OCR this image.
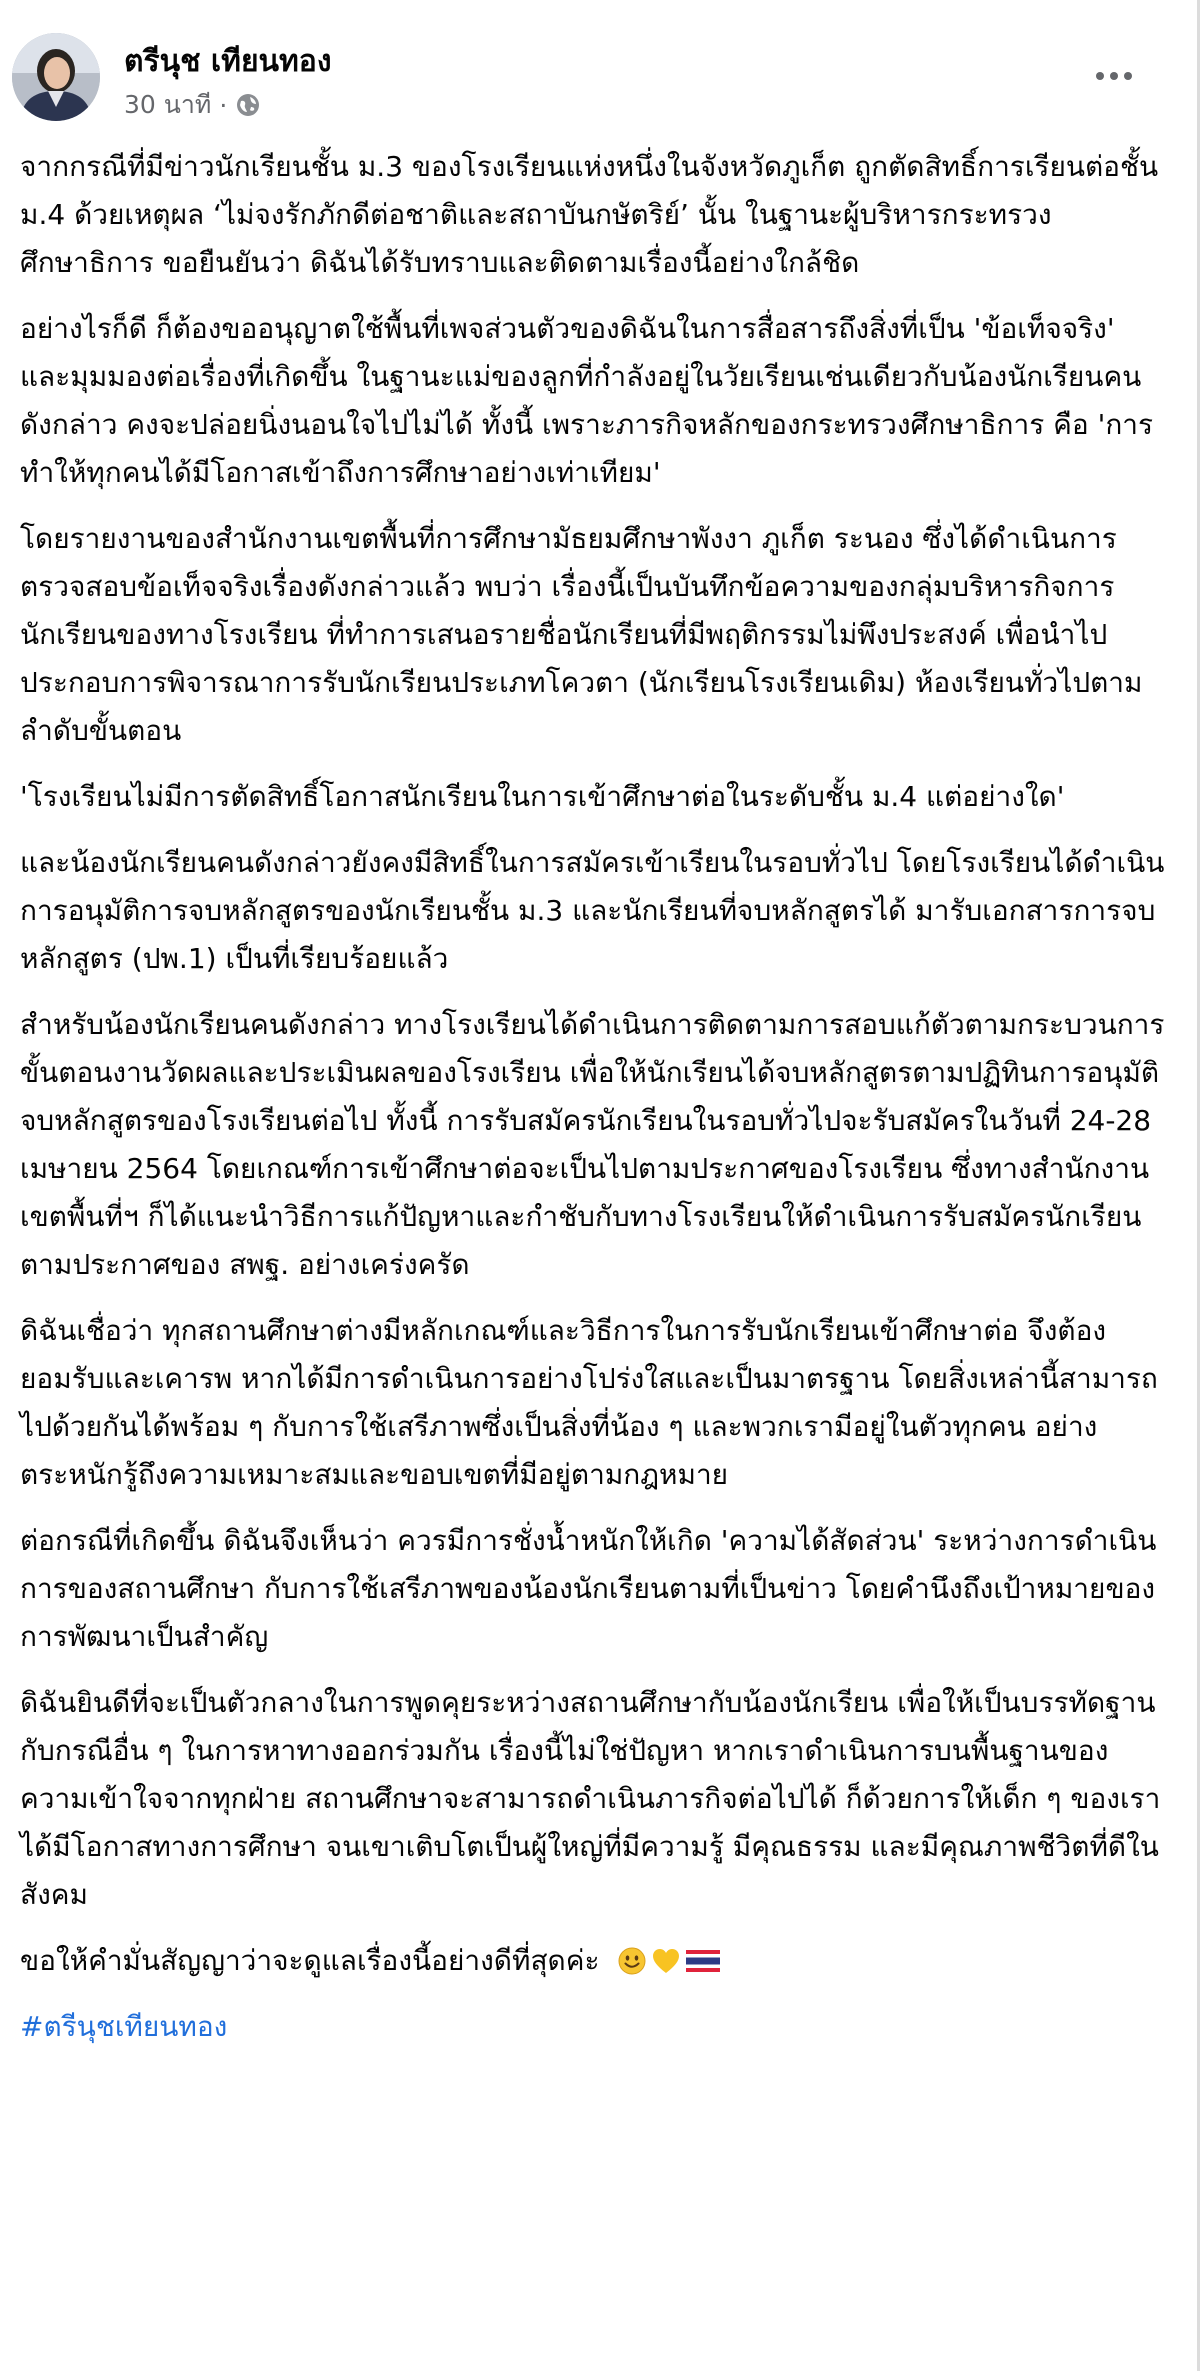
ตรีนุช เทียนทอง
30 นาที ·

จากกรณีที่มีข่าวนักเรียนชั้น ม.3 ของโรงเรียนแห่งหนึ่งในจังหวัดภูเก็ต ถูกตัดสิทธิ์การเรียนต่อชั้น ม.4 ด้วยเหตุผล ‘ไม่จงรักภักดีต่อชาติและสถาบันกษัตริย์’ นั้น ในฐานะผู้บริหารกระทรวงศึกษาธิการ ขอยืนยันว่า ดิฉันได้รับทราบและติดตามเรื่องนี้อย่างใกล้ชิด

อย่างไรก็ดี ก็ต้องขออนุญาตใช้พื้นที่เพจส่วนตัวของดิฉันในการสื่อสารถึงสิ่งที่เป็น 'ข้อเท็จจริง' และมุมมองต่อเรื่องที่เกิดขึ้น ในฐานะแม่ของลูกที่กำลังอยู่ในวัยเรียนเช่นเดียวกับน้องนักเรียนคนดังกล่าว คงจะปล่อยนิ่งนอนใจไปไม่ได้ ทั้งนี้ เพราะภารกิจหลักของกระทรวงศึกษาธิการ คือ 'การทำให้ทุกคนได้มีโอกาสเข้าถึงการศึกษาอย่างเท่าเทียม'

โดยรายงานของสำนักงานเขตพื้นที่การศึกษามัธยมศึกษาพังงา ภูเก็ต ระนอง ซึ่งได้ดำเนินการตรวจสอบข้อเท็จจริงเรื่องดังกล่าวแล้ว พบว่า เรื่องนี้เป็นบันทึกข้อความของกลุ่มบริหารกิจการนักเรียนของทางโรงเรียน ที่ทำการเสนอรายชื่อนักเรียนที่มีพฤติกรรมไม่พึงประสงค์ เพื่อนำไปประกอบการพิจารณาการรับนักเรียนประเภทโควตา (นักเรียนโรงเรียนเดิม) ห้องเรียนทั่วไปตามลำดับขั้นตอน

'โรงเรียนไม่มีการตัดสิทธิ์โอกาสนักเรียนในการเข้าศึกษาต่อในระดับชั้น ม.4 แต่อย่างใด'

และน้องนักเรียนคนดังกล่าวยังคงมีสิทธิ์ในการสมัครเข้าเรียนในรอบทั่วไป โดยโรงเรียนได้ดำเนินการอนุมัติการจบหลักสูตรของนักเรียนชั้น ม.3 และนักเรียนที่จบหลักสูตรได้ มารับเอกสารการจบหลักสูตร (ปพ.1) เป็นที่เรียบร้อยแล้ว

สำหรับน้องนักเรียนคนดังกล่าว ทางโรงเรียนได้ดำเนินการติดตามการสอบแก้ตัวตามกระบวนการขั้นตอนงานวัดผลและประเมินผลของโรงเรียน เพื่อให้นักเรียนได้จบหลักสูตรตามปฏิทินการอนุมัติจบหลักสูตรของโรงเรียนต่อไป ทั้งนี้ การรับสมัครนักเรียนในรอบทั่วไปจะรับสมัครในวันที่ 24-28 เมษายน 2564 โดยเกณฑ์การเข้าศึกษาต่อจะเป็นไปตามประกาศของโรงเรียน ซึ่งทางสำนักงานเขตพื้นที่ฯ ก็ได้แนะนำวิธีการแก้ปัญหาและกำชับกับทางโรงเรียนให้ดำเนินการรับสมัครนักเรียนตามประกาศของ สพฐ. อย่างเคร่งครัด

ดิฉันเชื่อว่า ทุกสถานศึกษาต่างมีหลักเกณฑ์และวิธีการในการรับนักเรียนเข้าศึกษาต่อ จึงต้องยอมรับและเคารพ หากได้มีการดำเนินการอย่างโปร่งใสและเป็นมาตรฐาน โดยสิ่งเหล่านี้สามารถไปด้วยกันได้พร้อม ๆ กับการใช้เสรีภาพซึ่งเป็นสิ่งที่น้อง ๆ และพวกเรามีอยู่ในตัวทุกคน อย่างตระหนักรู้ถึงความเหมาะสมและขอบเขตที่มีอยู่ตามกฎหมาย

ต่อกรณีที่เกิดขึ้น ดิฉันจึงเห็นว่า ควรมีการชั่งน้ำหนักให้เกิด 'ความได้สัดส่วน' ระหว่างการดำเนินการของสถานศึกษา กับการใช้เสรีภาพของน้องนักเรียนตามที่เป็นข่าว โดยคำนึงถึงเป้าหมายของการพัฒนาเป็นสำคัญ

ดิฉันยินดีที่จะเป็นตัวกลางในการพูดคุยระหว่างสถานศึกษากับน้องนักเรียน เพื่อให้เป็นบรรทัดฐานกับกรณีอื่น ๆ ในการหาทางออกร่วมกัน เรื่องนี้ไม่ใช่ปัญหา หากเราดำเนินการบนพื้นฐานของความเข้าใจจากทุกฝ่าย สถานศึกษาจะสามารถดำเนินภารกิจต่อไปได้ ก็ด้วยการให้เด็ก ๆ ของเราได้มีโอกาสทางการศึกษา จนเขาเติบโตเป็นผู้ใหญ่ที่มีความรู้ มีคุณธรรม และมีคุณภาพชีวิตที่ดีในสังคม

ขอให้คำมั่นสัญญาว่าจะดูแลเรื่องนี้อย่างดีที่สุดค่ะ
#ตรีนุชเทียนทอง
